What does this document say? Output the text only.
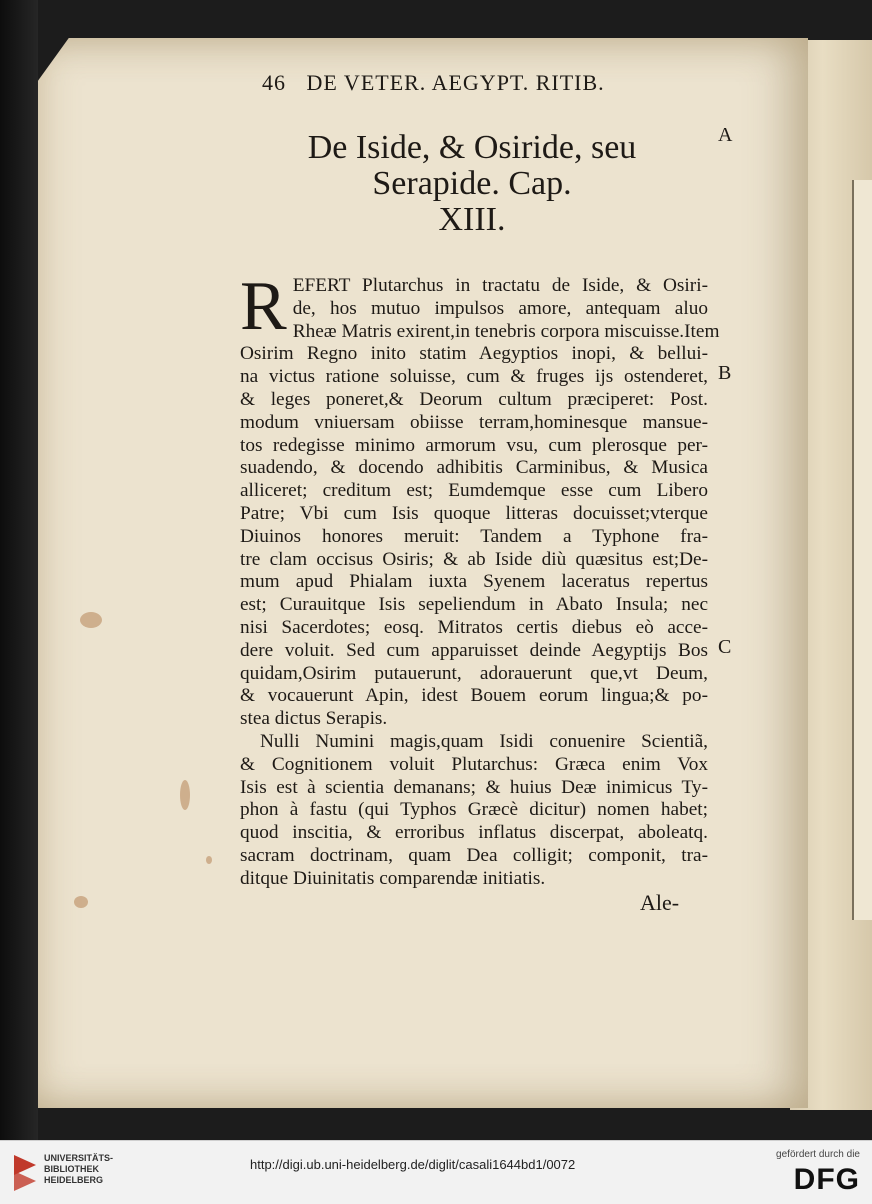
46 DE VETER. AEGYPT. RITIB.
De Iside, & Osiride, seu
Serapide. Cap.
XIII.
A
B
C
R EFERT Plutarchus in tractatu de Iside, & Osiri-
de, hos mutuo impulsos amore, antequam aluo
Rheæ Matris exirent,in tenebris corpora miscuisse.Item
Osirim Regno inito statim Aegyptios inopi, & bellui-
na victus ratione soluisse, cum & fruges ijs ostenderet,
& leges poneret,& Deorum cultum præciperet: Post.
modum vniuersam obiisse terram,hominesque mansue-
tos redegisse minimo armorum vsu, cum plerosque per-
suadendo, & docendo adhibitis Carminibus, & Musica
alliceret; creditum est; Eumdemque esse cum Libero
Patre; Vbi cum Isis quoque litteras docuisset;vterque
Diuinos honores meruit: Tandem a Typhone fra-
tre clam occisus Osiris; & ab Iside diù quæsitus est;De-
mum apud Phialam iuxta Syenem laceratus repertus
est; Curauitque Isis sepeliendum in Abato Insula; nec
nisi Sacerdotes; eosq. Mitratos certis diebus eò acce-
dere voluit. Sed cum apparuisset deinde Aegyptijs Bos
quidam,Osirim putauerunt, adorauerunt que,vt Deum,
& vocauerunt Apin, idest Bouem eorum lingua;& po-
stea dictus Serapis.
Nulli Numini magis,quam Isidi conuenire Scientiã,
& Cognitionem voluit Plutarchus: Græca enim Vox
Isis est à scientia demanans; & huius Deæ inimicus Ty-
phon à fastu (qui Typhos Græcè dicitur) nomen habet;
quod inscitia, & erroribus inflatus discerpat, aboleatq.
sacram doctrinam, quam Dea colligit; componit, tra-
ditque Diuinitatis comparendæ initiatis.
Ale-
UNIVERSITÄTS-
BIBLIOTHEK
HEIDELBERG
http://digi.ub.uni-heidelberg.de/diglit/casali1644bd1/0072
gefördert durch die
DFG
